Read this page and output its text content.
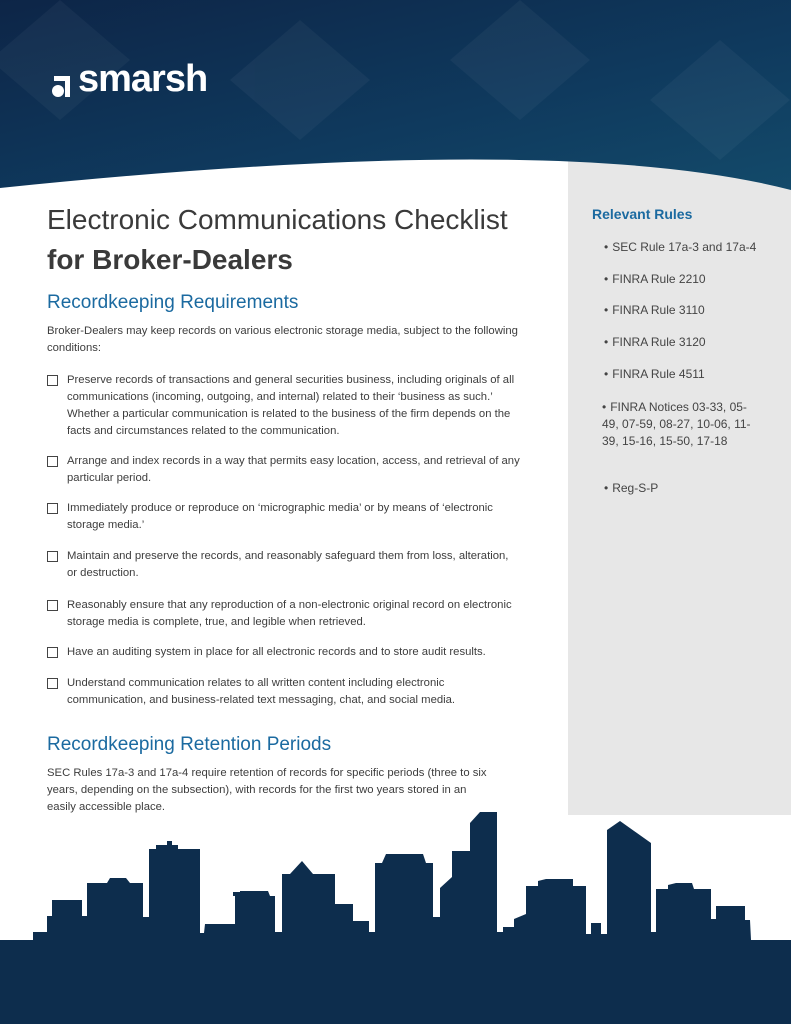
smarsh
Electronic Communications Checklist
for Broker-Dealers
Recordkeeping Requirements
Broker-Dealers may keep records on various electronic storage media, subject to the following conditions:
Preserve records of transactions and general securities business, including originals of all communications (incoming, outgoing, and internal) related to their ‘business as such.’ Whether a particular communication is related to the business of the firm depends on the facts and circumstances related to the communication.
Arrange and index records in a way that permits easy location, access, and retrieval of any particular period.
Immediately produce or reproduce on ‘micrographic media’ or by means of ‘electronic storage media.’
Maintain and preserve the records, and reasonably safeguard them from loss, alteration, or destruction.
Reasonably ensure that any reproduction of a non-electronic original record on electronic storage media is complete, true, and legible when retrieved.
Have an auditing system in place for all electronic records and to store audit results.
Understand communication relates to all written content including electronic communication, and business-related text messaging, chat, and social media.
Recordkeeping Retention Periods
SEC Rules 17a-3 and 17a-4 require retention of records for specific periods (three to six years, depending on the subsection), with records for the first two years stored in an easily accessible place.
Relevant Rules
• SEC Rule 17a-3 and 17a-4
• FINRA Rule 2210
• FINRA Rule 3110
• FINRA Rule 3120
• FINRA Rule 4511
• FINRA Notices 03-33, 05-49, 07-59, 08-27, 10-06, 11-39, 15-16, 15-50, 17-18
• Reg-S-P
